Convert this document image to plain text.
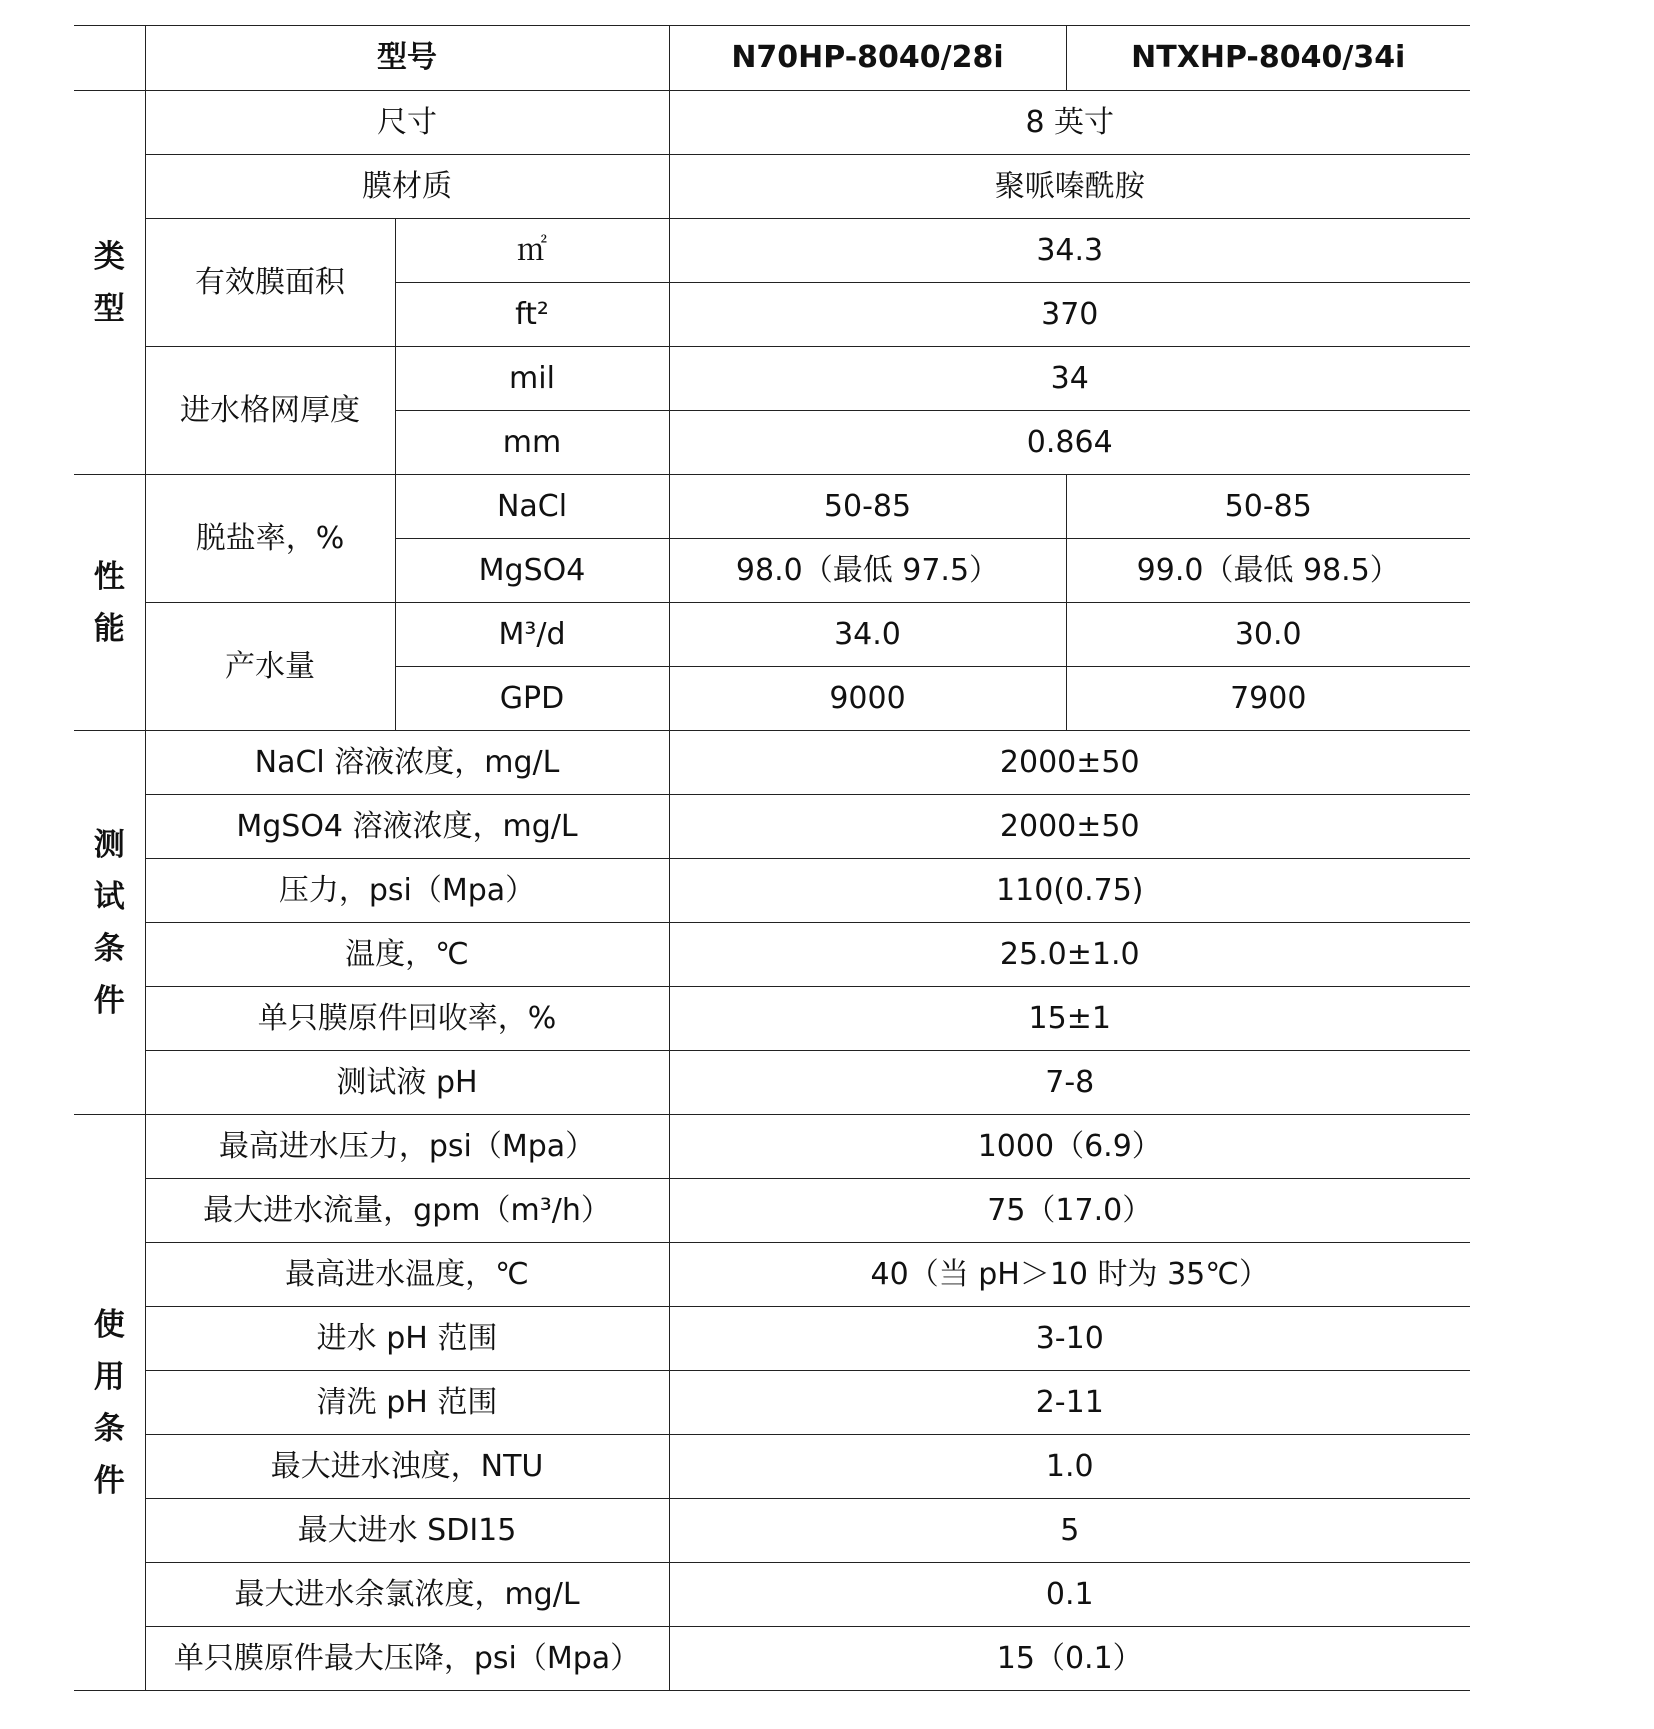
	型号		N70HP-8040/28i	NTXHP-8040/34i
类型	尺寸		8 英寸	
	膜材质		聚哌嗪酰胺	
	有效膜面积	㎡	34.3	
		ft²	370	
	进水格网厚度	mil	34	
		mm	0.864	
性能	脱盐率，%	NaCl	50-85	50-85
		MgSO4	98.0（最低 97.5）	99.0（最低 98.5）
	产水量	M³/d	34.0	30.0
		GPD	9000	7900
测试条件	NaCl 溶液浓度，mg/L		2000±50	
	MgSO4 溶液浓度，mg/L		2000±50	
	压力，psi（Mpa）		110(0.75)	
	温度，℃		25.0±1.0	
	单只膜原件回收率，%		15±1	
	测试液 pH		7-8	
使用条件	最高进水压力，psi（Mpa）		1000（6.9）	
	最大进水流量，gpm（m³/h）		75（17.0）	
	最高进水温度，℃		40（当 pH＞10 时为 35℃）	
	进水 pH 范围		3-10	
	清洗 pH 范围		2-11	
	最大进水浊度，NTU		1.0	
	最大进水 SDI15		5	
	最大进水余氯浓度，mg/L		0.1	
	单只膜原件最大压降，psi（Mpa）		15（0.1）	
